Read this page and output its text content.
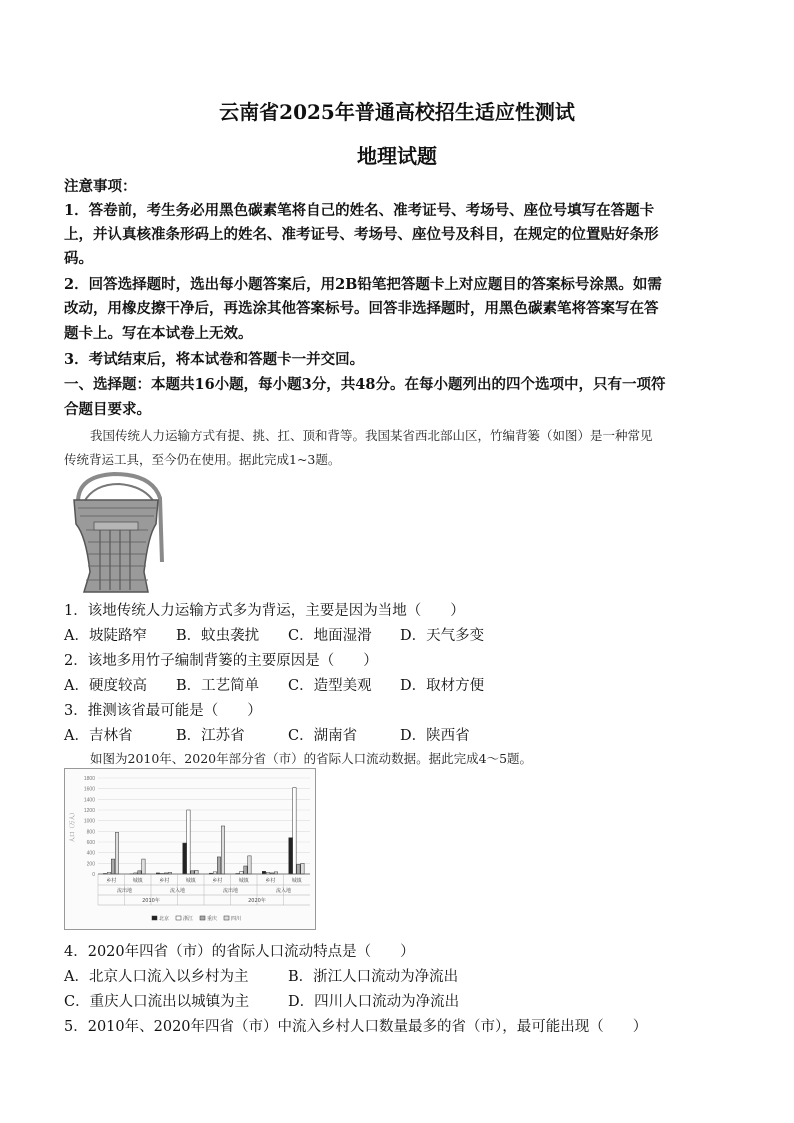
云南省2025年普通高校招生适应性测试
地理试题
注意事项：
1．答卷前，考生务必用黑色碳素笔将自己的姓名、准考证号、考场号、座位号填写在答题卡
上，并认真核准条形码上的姓名、准考证号、考场号、座位号及科目，在规定的位置贴好条形
码。
2．回答选择题时，选出每小题答案后，用2B铅笔把答题卡上对应题目的答案标号涂黑。如需
改动，用橡皮擦干净后，再选涂其他答案标号。回答非选择题时，用黑色碳素笔将答案写在答
题卡上。写在本试卷上无效。
3．考试结束后，将本试卷和答题卡一并交回。
一、选择题：本题共16小题，每小题3分，共48分。在每小题列出的四个选项中，只有一项符
合题目要求。
我国传统人力运输方式有提、挑、扛、顶和背等。我国某省西北部山区，竹编背篓（如图）是一种常见
传统背运工具，至今仍在使用。据此完成1~3题。
1．该地传统人力运输方式多为背运，主要是因为当地（　　）
A．坡陡路窄 B．蚊虫袭扰 C．地面湿滑 D．天气多变
2．该地多用竹子编制背篓的主要原因是（　　）
A．硬度较高 B．工艺简单 C．造型美观 D．取材方便
3．推测该省最可能是（　　）
A．吉林省	B．江苏省	C．湖南省	D．陕西省
如图为2010年、2020年部分省（市）的省际人口流动数据。据此完成4～5题。
0
200
400
600
800
1000
1200
1400
1600
1800
人口（万人）
乡村	城镇	乡村	城镇	乡村	城镇	乡村	城镇
流出地	流入地	流出地	流入地
2010年	2020年
北京	浙江	重庆	四川
4．2020年四省（市）的省际人口流动特点是（　　）
A．北京人口流入以乡村为主	B．浙江人口流动为净流出
C．重庆人口流出以城镇为主	D．四川人口流动为净流出
5．2010年、2020年四省（市）中流入乡村人口数量最多的省（市），最可能出现（　　）
